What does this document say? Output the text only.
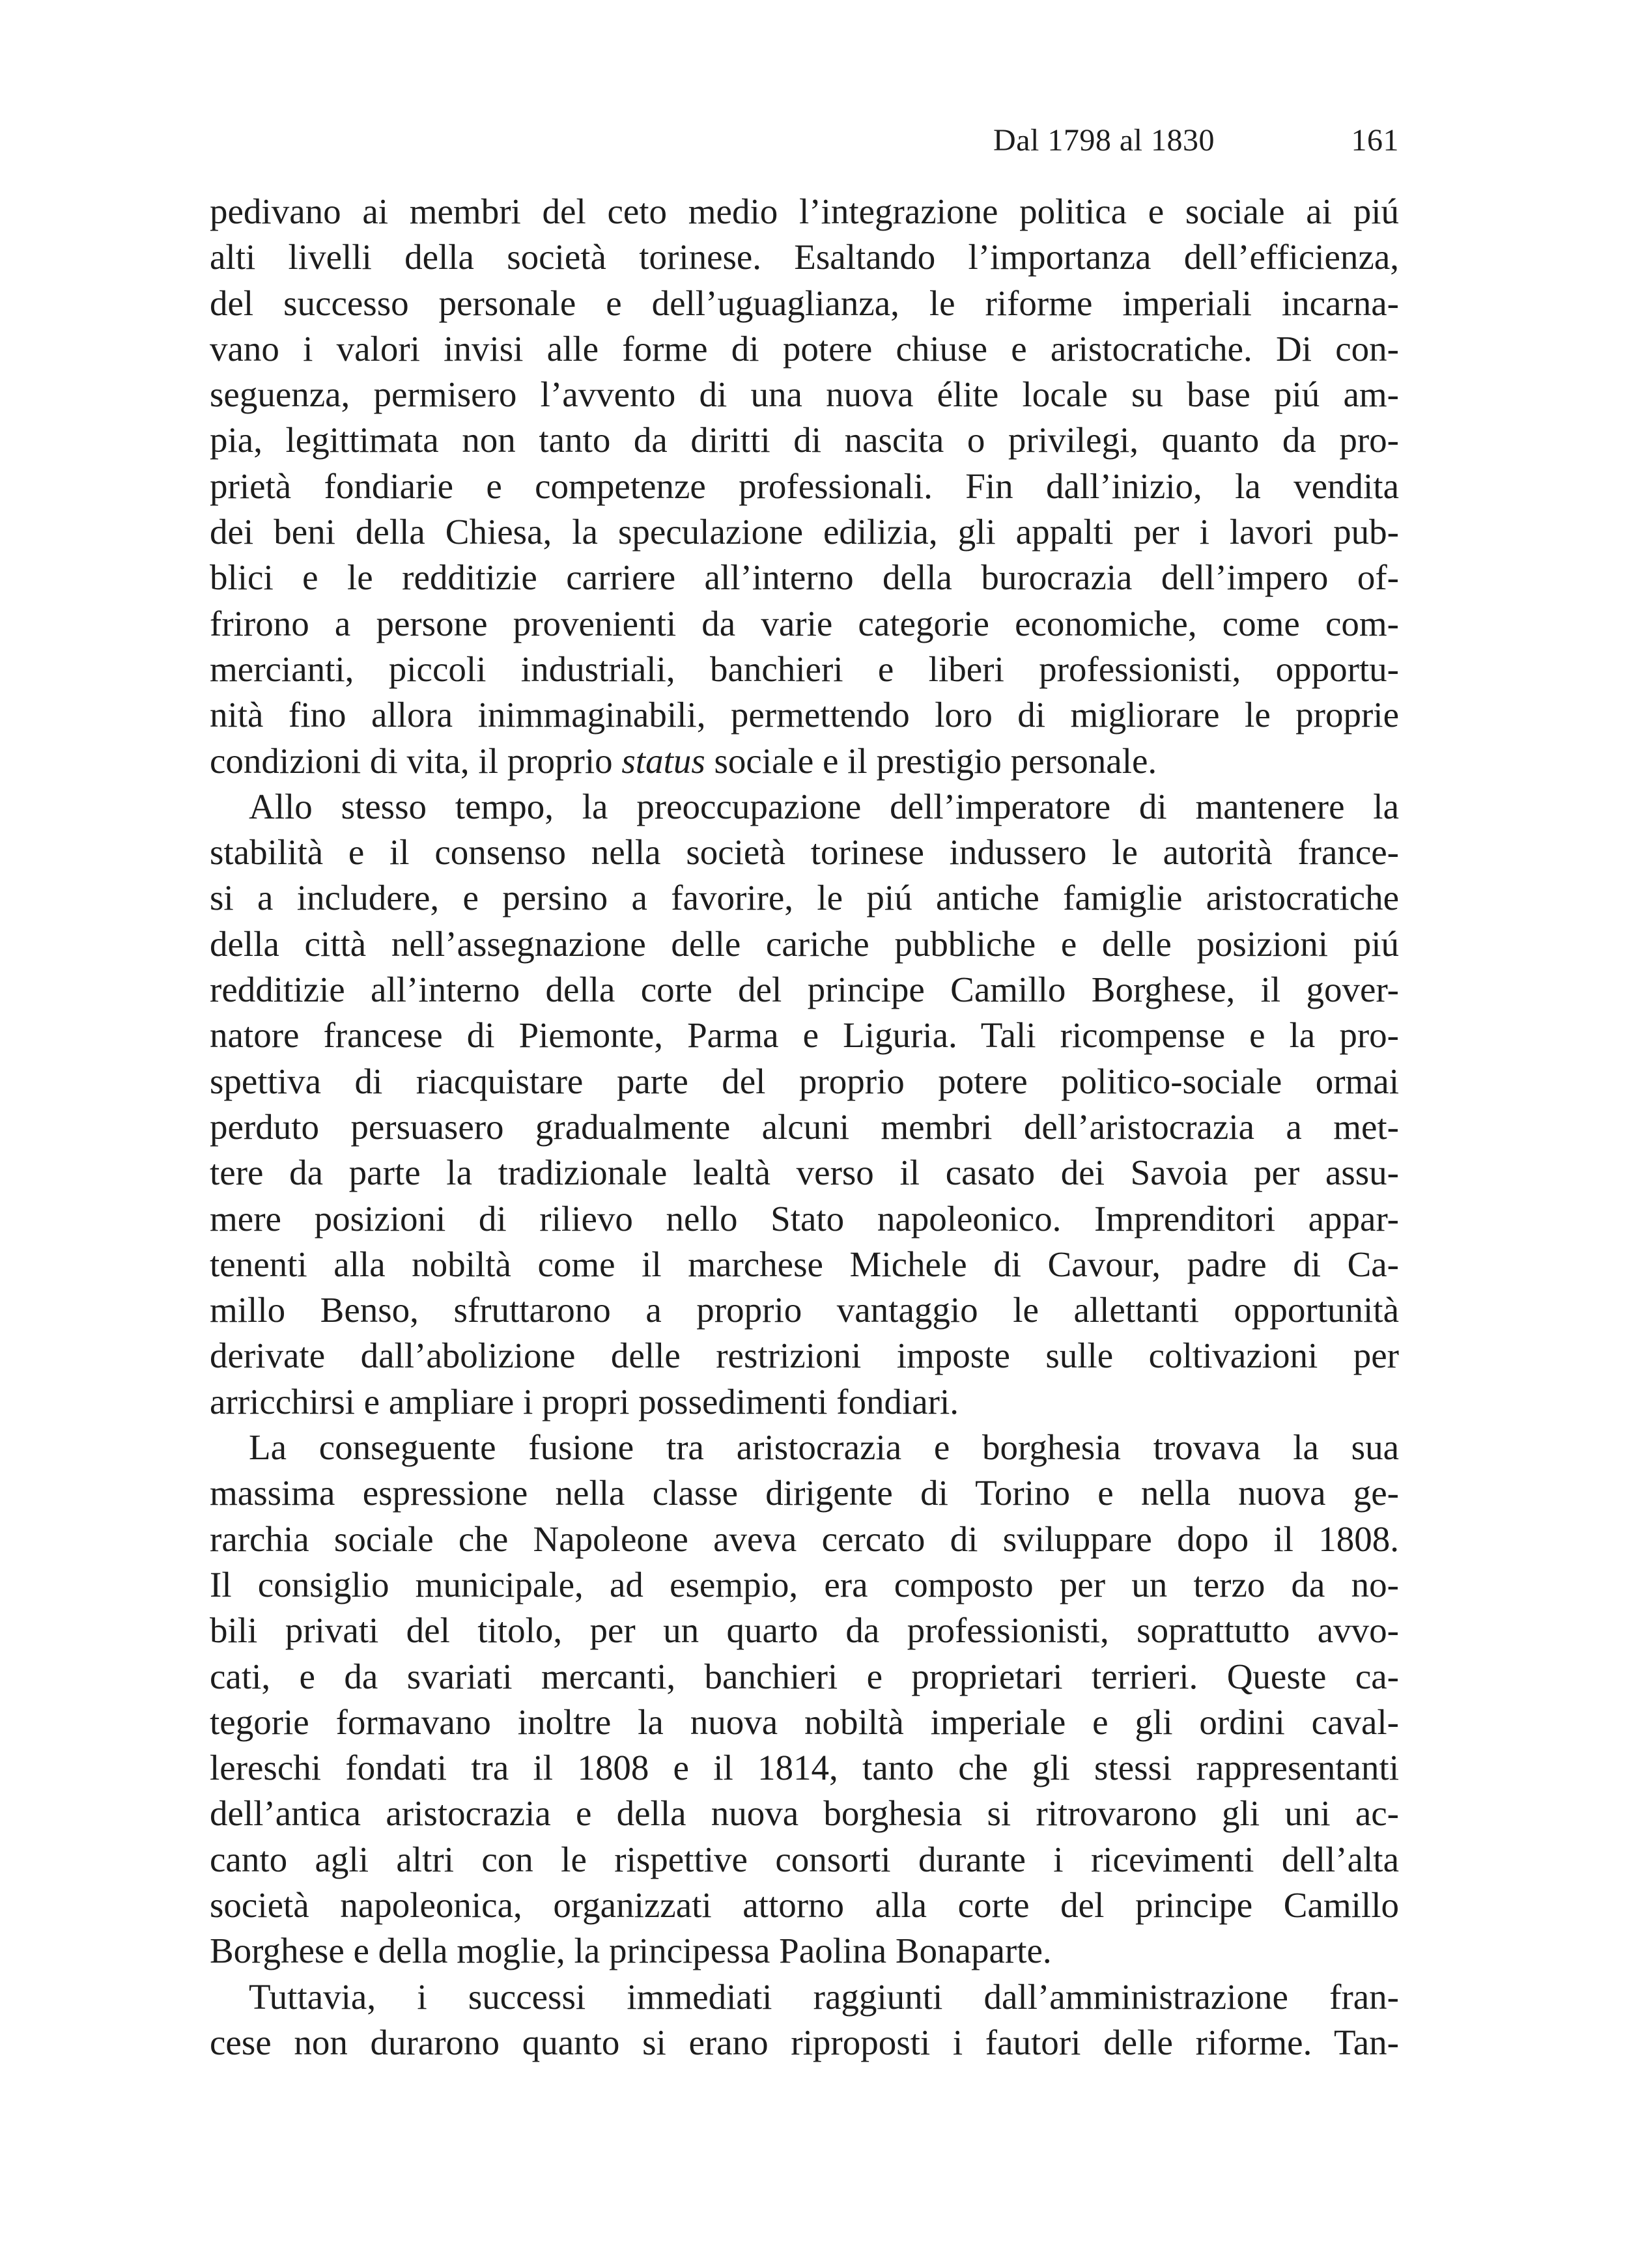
Dal 1798 al 1830	161
pedivano ai membri del ceto medio l’integrazione politica e sociale ai piú
alti livelli della società torinese. Esaltando l’importanza dell’efficienza,
del successo personale e dell’uguaglianza, le riforme imperiali incarna-
vano i valori invisi alle forme di potere chiuse e aristocratiche. Di con-
seguenza, permisero l’avvento di una nuova élite locale su base piú am-
pia, legittimata non tanto da diritti di nascita o privilegi, quanto da pro-
prietà fondiarie e competenze professionali. Fin dall’inizio, la vendita
dei beni della Chiesa, la speculazione edilizia, gli appalti per i lavori pub-
blici e le redditizie carriere all’interno della burocrazia dell’impero of-
frirono a persone provenienti da varie categorie economiche, come com-
mercianti, piccoli industriali, banchieri e liberi professionisti, opportu-
nità fino allora inimmaginabili, permettendo loro di migliorare le proprie
condizioni di vita, il proprio status sociale e il prestigio personale.
Allo stesso tempo, la preoccupazione dell’imperatore di mantenere la
stabilità e il consenso nella società torinese indussero le autorità france-
si a includere, e persino a favorire, le piú antiche famiglie aristocratiche
della città nell’assegnazione delle cariche pubbliche e delle posizioni piú
redditizie all’interno della corte del principe Camillo Borghese, il gover-
natore francese di Piemonte, Parma e Liguria. Tali ricompense e la pro-
spettiva di riacquistare parte del proprio potere politico-sociale ormai
perduto persuasero gradualmente alcuni membri dell’aristocrazia a met-
tere da parte la tradizionale lealtà verso il casato dei Savoia per assu-
mere posizioni di rilievo nello Stato napoleonico. Imprenditori appar-
tenenti alla nobiltà come il marchese Michele di Cavour, padre di Ca-
millo Benso, sfruttarono a proprio vantaggio le allettanti opportunità
derivate dall’abolizione delle restrizioni imposte sulle coltivazioni per
arricchirsi e ampliare i propri possedimenti fondiari.
La conseguente fusione tra aristocrazia e borghesia trovava la sua
massima espressione nella classe dirigente di Torino e nella nuova ge-
rarchia sociale che Napoleone aveva cercato di sviluppare dopo il 1808.
Il consiglio municipale, ad esempio, era composto per un terzo da no-
bili privati del titolo, per un quarto da professionisti, soprattutto avvo-
cati, e da svariati mercanti, banchieri e proprietari terrieri. Queste ca-
tegorie formavano inoltre la nuova nobiltà imperiale e gli ordini caval-
lereschi fondati tra il 1808 e il 1814, tanto che gli stessi rappresentanti
dell’antica aristocrazia e della nuova borghesia si ritrovarono gli uni ac-
canto agli altri con le rispettive consorti durante i ricevimenti dell’alta
società napoleonica, organizzati attorno alla corte del principe Camillo
Borghese e della moglie, la principessa Paolina Bonaparte.
Tuttavia, i successi immediati raggiunti dall’amministrazione fran-
cese non durarono quanto si erano riproposti i fautori delle riforme. Tan-
